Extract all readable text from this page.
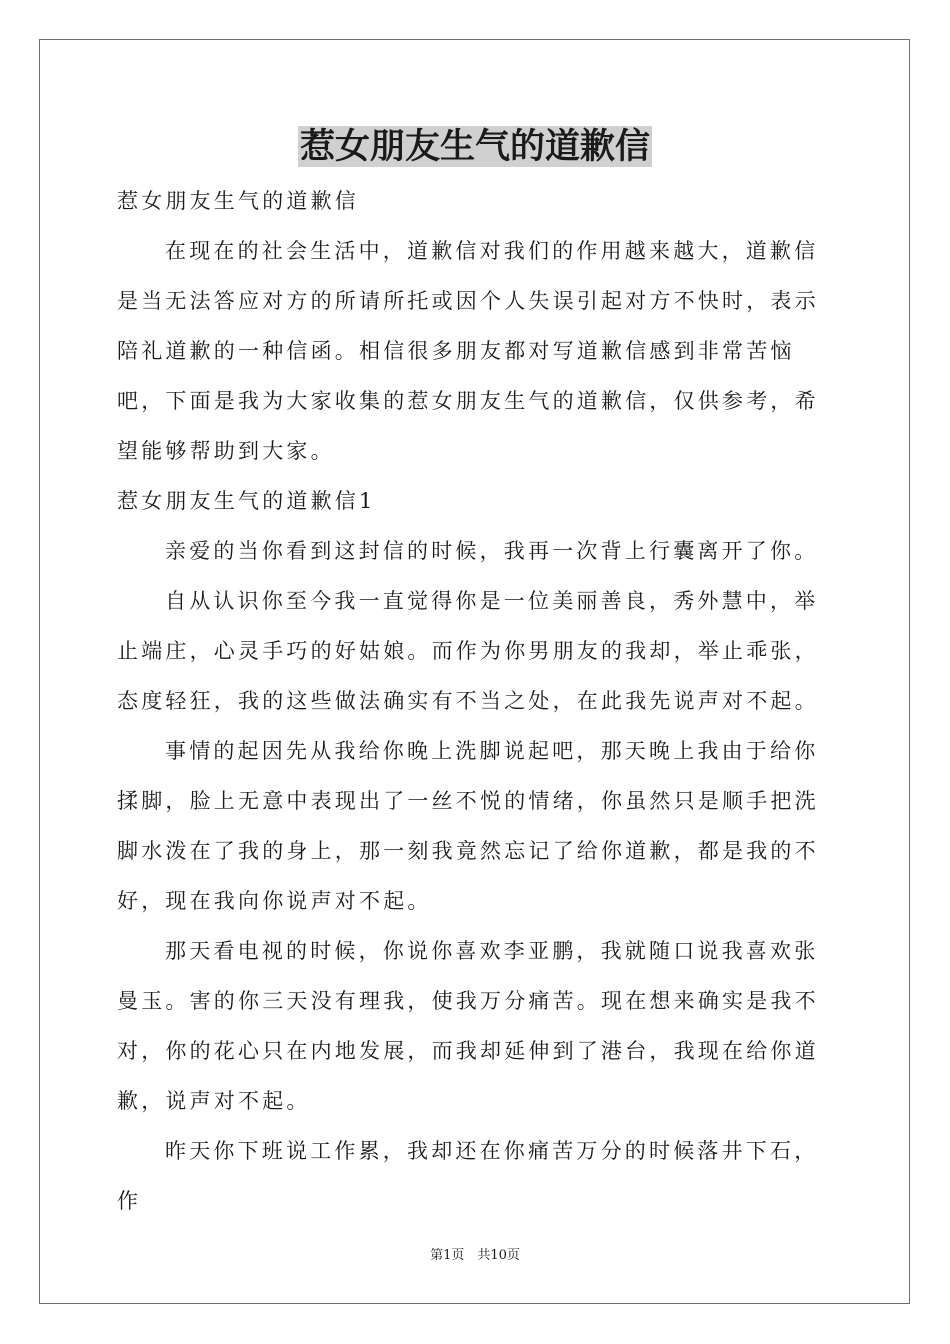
惹女朋友生气的道歉信

惹女朋友生气的道歉信

在现在的社会生活中，道歉信对我们的作用越来越大，道歉信是当无法答应对方的所请所托或因个人失误引起对方不快时，表示陪礼道歉的一种信函。相信很多朋友都对写道歉信感到非常苦恼吧，下面是我为大家收集的惹女朋友生气的道歉信，仅供参考，希望能够帮助到大家。

惹女朋友生气的道歉信1

亲爱的当你看到这封信的时候，我再一次背上行囊离开了你。

自从认识你至今我一直觉得你是一位美丽善良，秀外慧中，举止端庄，心灵手巧的好姑娘。而作为你男朋友的我却，举止乖张，态度轻狂，我的这些做法确实有不当之处，在此我先说声对不起。

事情的起因先从我给你晚上洗脚说起吧，那天晚上我由于给你揉脚，脸上无意中表现出了一丝不悦的情绪，你虽然只是顺手把洗脚水泼在了我的身上，那一刻我竟然忘记了给你道歉，都是我的不好，现在我向你说声对不起。

那天看电视的时候，你说你喜欢李亚鹏，我就随口说我喜欢张曼玉。害的你三天没有理我，使我万分痛苦。现在想来确实是我不对，你的花心只在内地发展，而我却延伸到了港台，我现在给你道歉，说声对不起。

昨天你下班说工作累，我却还在你痛苦万分的时候落井下石，作

第1页　共10页
